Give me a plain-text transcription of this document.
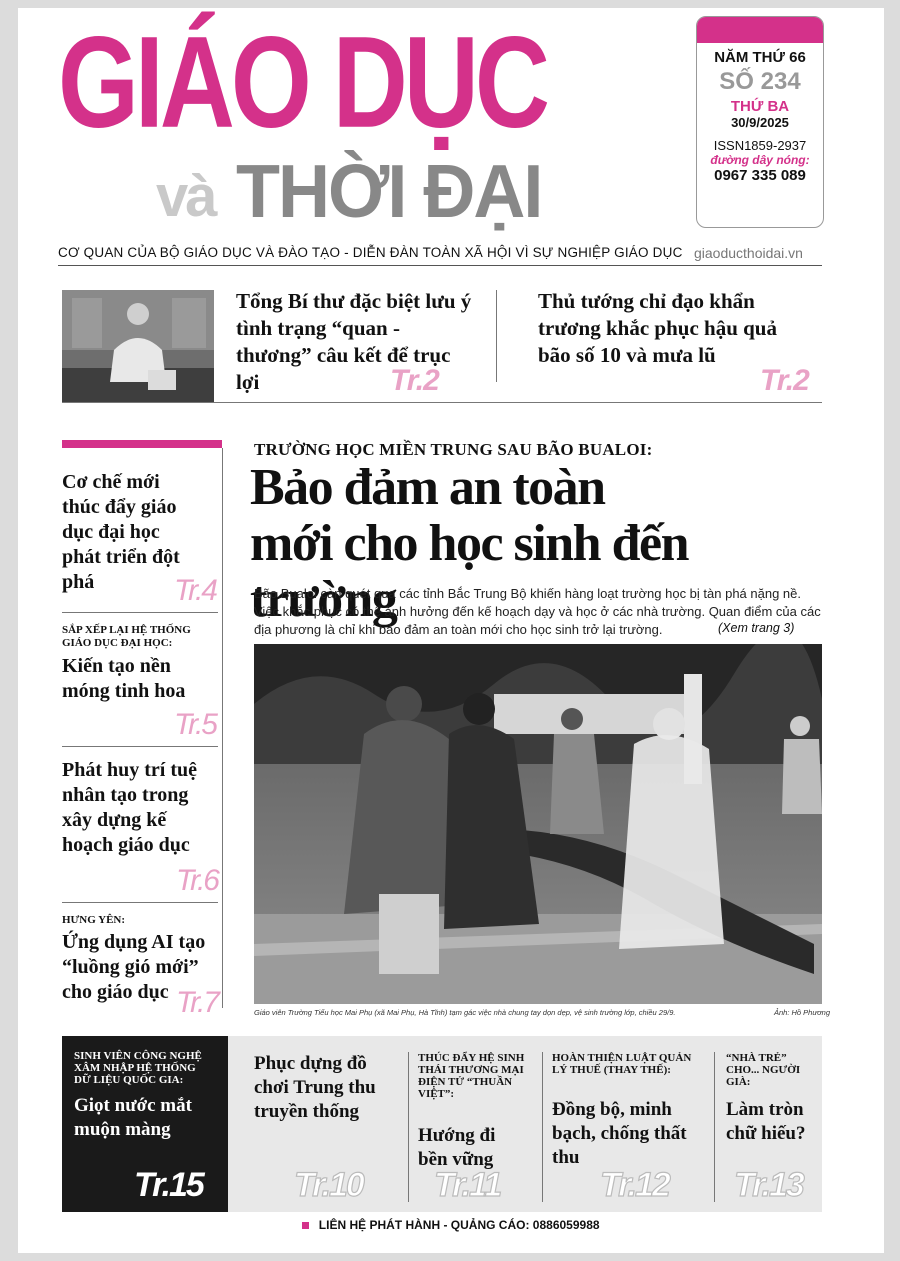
GIÁO DỤC
và THỜI ĐẠI
NĂM THỨ 66
SỐ 234
THỨ BA
30/9/2025
ISSN1859-2937
đường dây nóng:
0967 335 089
CƠ QUAN CỦA BỘ GIÁO DỤC VÀ ĐÀO TẠO - DIỄN ĐÀN TOÀN XÃ HỘI VÌ SỰ NGHIỆP GIÁO DỤC giaoducthoidai.vn
Tổng Bí thư đặc biệt lưu ý tình trạng “quan - thương” câu kết để trục lợi	Tr.2
Thủ tướng chỉ đạo khẩn trương khắc phục hậu quả bão số 10 và mưa lũ
Tr.2
TRƯỜNG HỌC MIỀN TRUNG SAU BÃO BUALOI:
Bảo đảm an toàn
mới cho học sinh đến trường
Bão Bualoi càn quét qua các tỉnh Bắc Trung Bộ khiến hàng loạt trường học bị tàn phá nặng nề. Việc khắc phục có thể ảnh hưởng đến kế hoạch dạy và học ở các nhà trường. Quan điểm của các địa phương là chỉ khi bảo đảm an toàn mới cho học sinh trở lại trường.	(Xem trang 3)
Giáo viên Trường Tiểu học Mai Phụ (xã Mai Phụ, Hà Tĩnh) tạm gác việc nhà chung tay dọn dẹp, vệ sinh trường lớp, chiều 29/9.	Ảnh: Hồ Phương
Cơ chế mới thúc đẩy giáo dục đại học phát triển đột phá	Tr.4
SẮP XẾP LẠI HỆ THỐNG GIÁO DỤC ĐẠI HỌC:
Kiến tạo nền móng tinh hoa
Tr.5
Phát huy trí tuệ nhân tạo trong xây dựng kế hoạch giáo dục
Tr.6
HƯNG YÊN:
Ứng dụng AI tạo “luồng gió mới” cho giáo dục Tr.7
SINH VIÊN CÔNG NGHỆ XÂM NHẬP HỆ THỐNG DỮ LIỆU QUỐC GIA:
Giọt nước mắt muộn màng
Tr.15
Phục dựng đồ chơi Trung thu truyền thống
Tr.10
THÚC ĐẨY HỆ SINH THÁI THƯƠNG MẠI ĐIỆN TỬ “THUẦN VIỆT”:
Hướng đi bền vững
Tr.11
HOÀN THIỆN LUẬT QUẢN LÝ THUẾ (THAY THẾ):
Đồng bộ, minh bạch, chống thất thu
Tr.12
“NHÀ TRẺ” CHO... NGƯỜI GIÀ:
Làm tròn chữ hiếu?
Tr.13
LIÊN HỆ PHÁT HÀNH - QUẢNG CÁO: 0886059988
